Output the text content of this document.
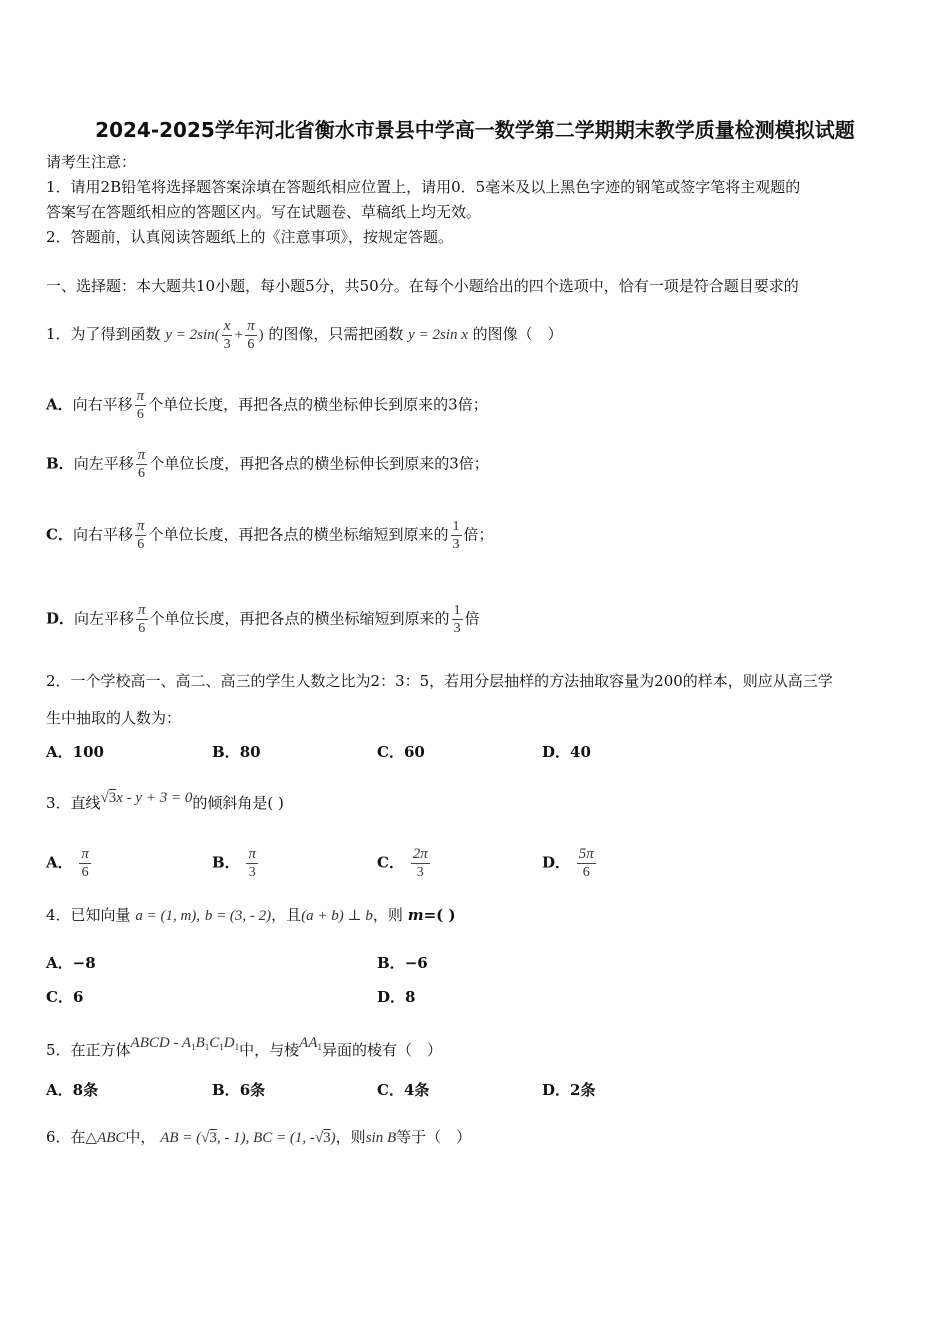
2024-2025学年河北省衡水市景县中学高一数学第二学期期末教学质量检测模拟试题
请考生注意：
1．请用2B铅笔将选择题答案涂填在答题纸相应位置上，请用0．5毫米及以上黑色字迹的钢笔或签字笔将主观题的
答案写在答题纸相应的答题区内。写在试题卷、草稿纸上均无效。
2．答题前，认真阅读答题纸上的《注意事项》，按规定答题。
一、选择题：本大题共10小题，每小题5分，共50分。在每个小题给出的四个选项中，恰有一项是符合题目要求的
1．为了得到函数 $y = 2\sin( \frac{x}{3} + \frac{\pi}{6}$ ) 的图像，只需把函数 y = 2sin x 的图像（　）
A．向右平移 $\frac{\pi}{6}$ 个单位长度，再把各点的横坐标伸长到原来的3倍；
B．向左平移 $\frac{\pi}{6}$ 个单位长度，再把各点的横坐标伸长到原来的3倍；
C．向右平移 $\frac{\pi}{6}$ 个单位长度，再把各点的横坐标缩短到原来的 $\frac{1}{3}$ 倍；
D．向左平移 $\frac{\pi}{6}$ 个单位长度，再把各点的横坐标缩短到原来的 $\frac{1}{3}$ 倍
2．一个学校高一、高二、高三的学生人数之比为2：3：5，若用分层抽样的方法抽取容量为200的样本，则应从高三学
生中抽取的人数为：
A．100	B．80	C．60	D．40
3．直线√3x - y + 3 = 0的倾斜角是( )
A． $\frac{\pi}{6}$	B． $\frac{\pi}{3}$	C． $\frac{2\pi}{3}$	D． $\frac{5\pi}{6}$
4．已知向量 a = (1, m), b = (3, - 2)，且(a + b) ⊥ b，则 m=( )
A．−8	B．−6
C．6	D．8
5．在正方体ABCD - $A_1B_1C_1D_1$中，与棱$AA_1$异面的棱有（　）
A．8条	B．6条	C．4条	D．2条
6．在△ABC中， AB = (√3, - 1), BC = (1, -√3)，则sin B等于（　）
